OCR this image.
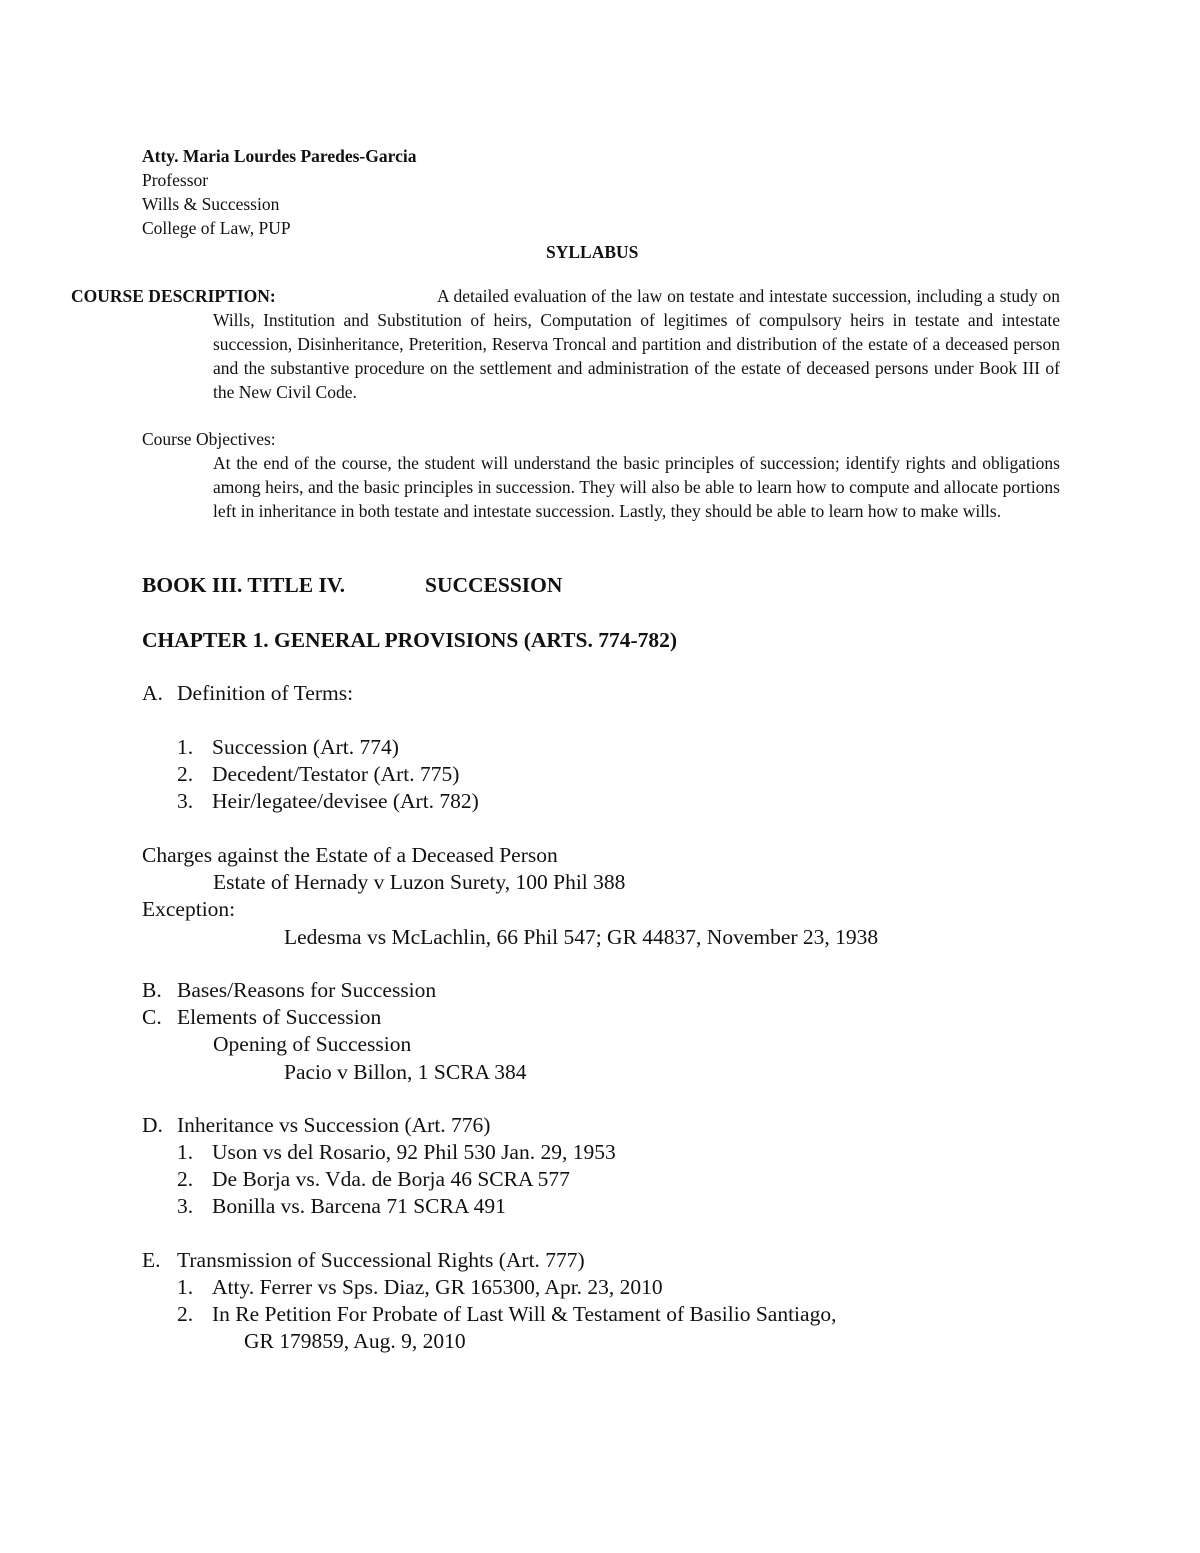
Atty. Maria Lourdes Paredes-Garcia
Professor
Wills & Succession
College of Law, PUP
SYLLABUS

COURSE DESCRIPTION:	A detailed evaluation of the law on testate and intestate succession, including a study on Wills, Institution and Substitution of heirs, Computation of legitimes of compulsory heirs in testate and intestate succession, Disinheritance, Preterition, Reserva Troncal and partition and distribution of the estate of a deceased person and the substantive procedure on the settlement and administration of the estate of deceased persons under Book III of the New Civil Code.

Course Objectives:
At the end of the course, the student will understand the basic principles of succession; identify rights and obligations among heirs, and the basic principles in succession. They will also be able to learn how to compute and allocate portions left in inheritance in both testate and intestate succession. Lastly, they should be able to learn how to make wills.
BOOK III. TITLE IV.	SUCCESSION
CHAPTER 1. GENERAL PROVISIONS (ARTS. 774-782)
A. Definition of Terms:
1. Succession (Art. 774)
2. Decedent/Testator (Art. 775)
3. Heir/legatee/devisee (Art. 782)
Charges against the Estate of a Deceased Person
Estate of Hernady v Luzon Surety, 100 Phil 388
Exception:
Ledesma vs McLachlin, 66 Phil 547; GR 44837, November 23, 1938
B. Bases/Reasons for Succession
C. Elements of Succession
Opening of Succession
Pacio v Billon, 1 SCRA 384
D. Inheritance vs Succession (Art. 776)
1. Uson vs del Rosario, 92 Phil 530 Jan. 29, 1953
2. De Borja vs. Vda. de Borja 46 SCRA 577
3. Bonilla vs. Barcena 71 SCRA 491
E. Transmission of Successional Rights (Art. 777)
1. Atty. Ferrer vs Sps. Diaz, GR 165300, Apr. 23, 2010
2. In Re Petition For Probate of Last Will & Testament of Basilio Santiago,
GR 179859, Aug. 9, 2010
